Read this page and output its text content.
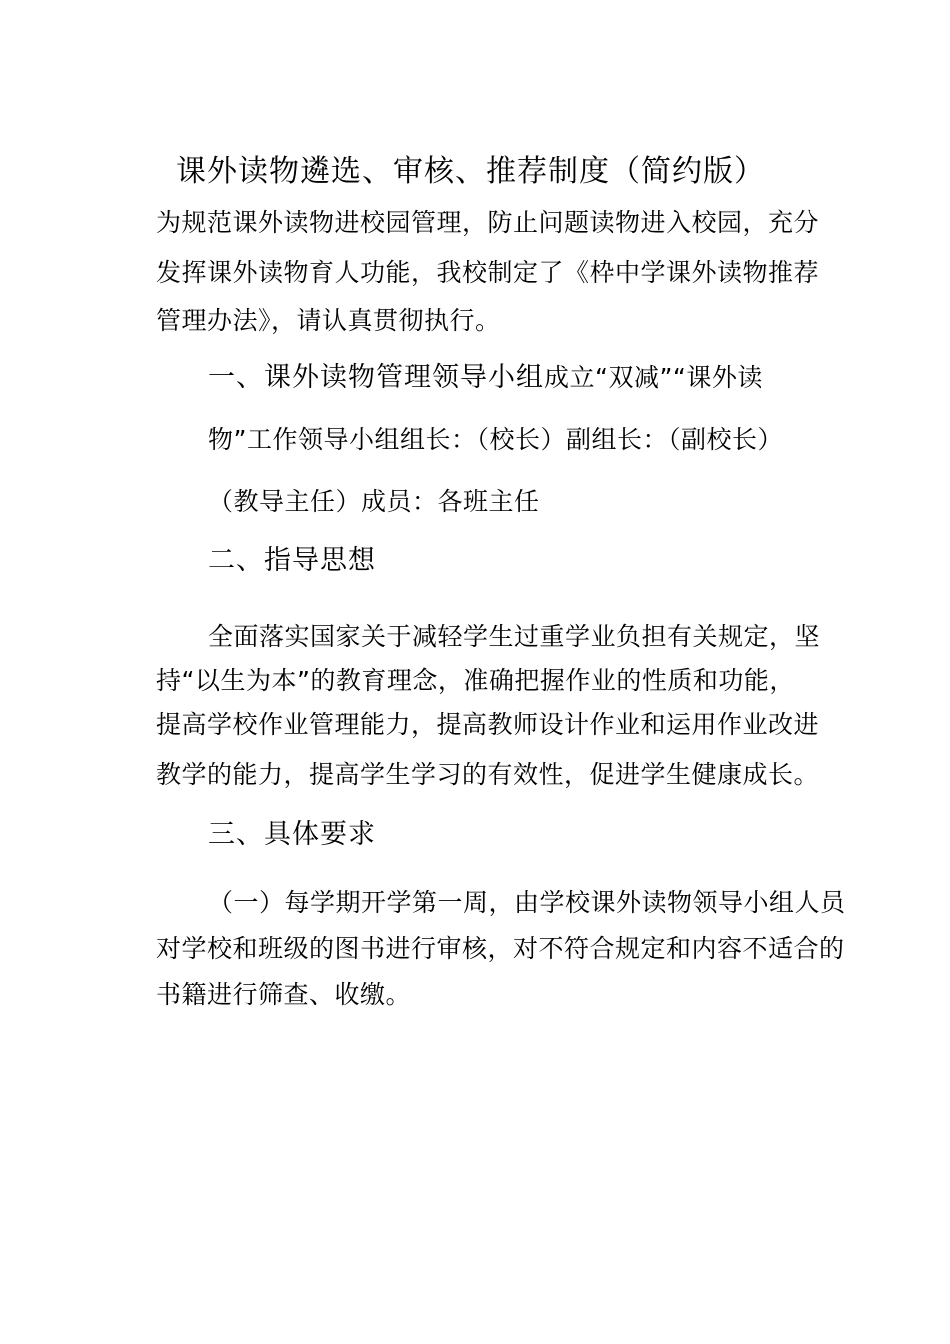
课外读物遴选、审核、推荐制度（简约版）
为规范课外读物进校园管理，防止问题读物进入校园，充分
发挥课外读物育人功能，我校制定了《枠中学课外读物推荐
管理办法》，请认真贯彻执行。
一、课外读物管理领导小组成立“双减”“课外读
物”工作领导小组组长：（校长）副组长：（副校长）
（教导主任）成员：各班主任
二、指导思想
全面落实国家关于减轻学生过重学业负担有关规定，坚
持“以生为本”的教育理念，准确把握作业的性质和功能，
提高学校作业管理能力，提高教师设计作业和运用作业改进
教学的能力，提高学生学习的有效性，促进学生健康成长。
三、具体要求
（一）每学期开学第一周，由学校课外读物领导小组人员
对学校和班级的图书进行审核，对不符合规定和内容不适合的
书籍进行筛查、收缴。
